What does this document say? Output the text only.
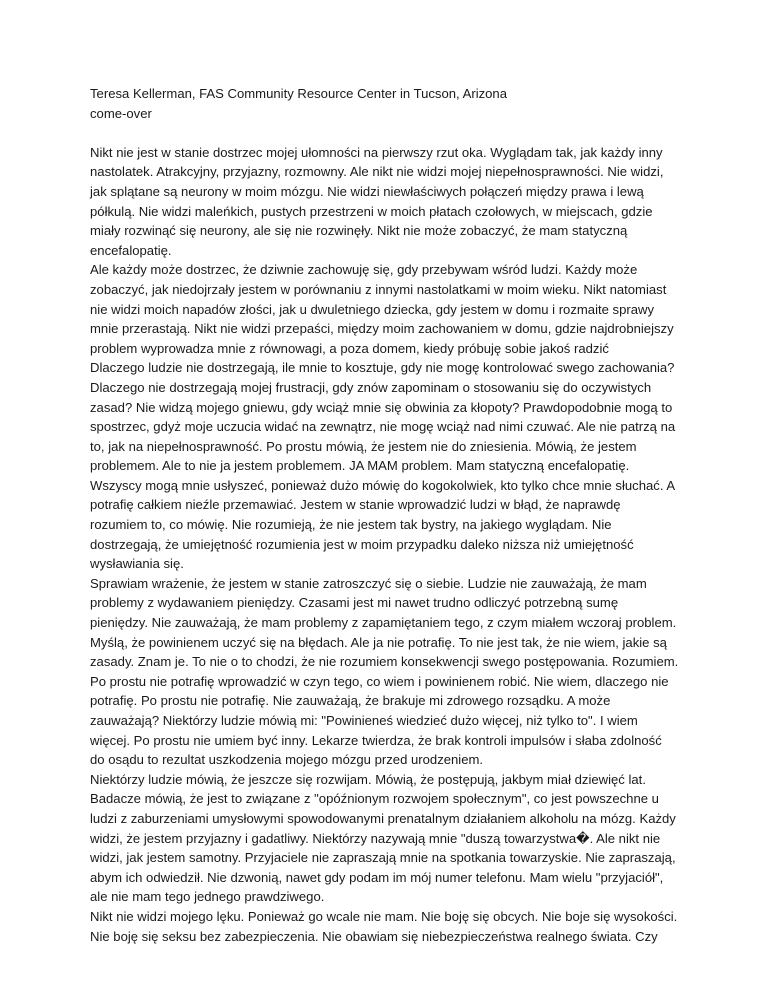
Teresa Kellerman, FAS Community Resource Center in Tucson, Arizona
come-over
Nikt nie jest w stanie dostrzec mojej ułomności na pierwszy rzut oka. Wyglądam tak, jak każdy inny
nastolatek. Atrakcyjny, przyjazny, rozmowny. Ale nikt nie widzi mojej niepełnosprawności. Nie widzi,
jak splątane są neurony w moim mózgu. Nie widzi niewłaściwych połączeń między prawa i lewą
półkulą. Nie widzi maleńkich, pustych przestrzeni w moich płatach czołowych, w miejscach, gdzie
miały rozwinąć się neurony, ale się nie rozwinęły. Nikt nie może zobaczyć, że mam statyczną
encefalopatię.
Ale każdy może dostrzec, że dziwnie zachowuję się, gdy przebywam wśród ludzi. Każdy może
zobaczyć, jak niedojrzały jestem w porównaniu z innymi nastolatkami w moim wieku. Nikt natomiast
nie widzi moich napadów złości, jak u dwuletniego dziecka, gdy jestem w domu i rozmaite sprawy
mnie przerastają. Nikt nie widzi przepaści, między moim zachowaniem w domu, gdzie najdrobniejszy
problem wyprowadza mnie z równowagi, a poza domem, kiedy próbuję sobie jakoś radzić
Dlaczego ludzie nie dostrzegają, ile mnie to kosztuje, gdy nie mogę kontrolować swego zachowania?
Dlaczego nie dostrzegają mojej frustracji, gdy znów zapominam o stosowaniu się do oczywistych
zasad? Nie widzą mojego gniewu, gdy wciąż mnie się obwinia za kłopoty? Prawdopodobnie mogą to
spostrzec, gdyż moje uczucia widać na zewnątrz, nie mogę wciąż nad nimi czuwać. Ale nie patrzą na
to, jak na niepełnosprawność. Po prostu mówią, że jestem nie do zniesienia. Mówią, że jestem
problemem. Ale to nie ja jestem problemem. JA MAM problem. Mam statyczną encefalopatię.
Wszyscy mogą mnie usłyszeć, ponieważ dużo mówię do kogokolwiek, kto tylko chce mnie słuchać. A
potrafię całkiem nieźle przemawiać. Jestem w stanie wprowadzić ludzi w błąd, że naprawdę
rozumiem to, co mówię. Nie rozumieją, że nie jestem tak bystry, na jakiego wyglądam. Nie
dostrzegają, że umiejętność rozumienia jest w moim przypadku daleko niższa niż umiejętność
wysławiania się.
Sprawiam wrażenie, że jestem w stanie zatroszczyć się o siebie. Ludzie nie zauważają, że mam
problemy z wydawaniem pieniędzy. Czasami jest mi nawet trudno odliczyć potrzebną sumę
pieniędzy. Nie zauważają, że mam problemy z zapamiętaniem tego, z czym miałem wczoraj problem.
Myślą, że powinienem uczyć się na błędach. Ale ja nie potrafię. To nie jest tak, że nie wiem, jakie są
zasady. Znam je. To nie o to chodzi, że nie rozumiem konsekwencji swego postępowania. Rozumiem.
Po prostu nie potrafię wprowadzić w czyn tego, co wiem i powinienem robić. Nie wiem, dlaczego nie
potrafię. Po prostu nie potrafię. Nie zauważają, że brakuje mi zdrowego rozsądku. A może
zauważają? Niektórzy ludzie mówią mi: "Powinieneś wiedzieć dużo więcej, niż tylko to". I wiem
więcej. Po prostu nie umiem być inny. Lekarze twierdza, że brak kontroli impulsów i słaba zdolność
do osądu to rezultat uszkodzenia mojego mózgu przed urodzeniem.
Niektórzy ludzie mówią, że jeszcze się rozwijam. Mówią, że postępują, jakbym miał dziewięć lat.
Badacze mówią, że jest to związane z "opóźnionym rozwojem społecznym", co jest powszechne u
ludzi z zaburzeniami umysłowymi spowodowanymi prenatalnym działaniem alkoholu na mózg. Każdy
widzi, że jestem przyjazny i gadatliwy. Niektórzy nazywają mnie "duszą towarzystwa�. Ale nikt nie
widzi, jak jestem samotny. Przyjaciele nie zapraszają mnie na spotkania towarzyskie. Nie zapraszają,
abym ich odwiedził. Nie dzwonią, nawet gdy podam im mój numer telefonu. Mam wielu "przyjaciół",
ale nie mam tego jednego prawdziwego.
Nikt nie widzi mojego lęku. Ponieważ go wcale nie mam. Nie boję się obcych. Nie boje się wysokości.
Nie boję się seksu bez zabezpieczenia. Nie obawiam się niebezpieczeństwa realnego świata. Czy
